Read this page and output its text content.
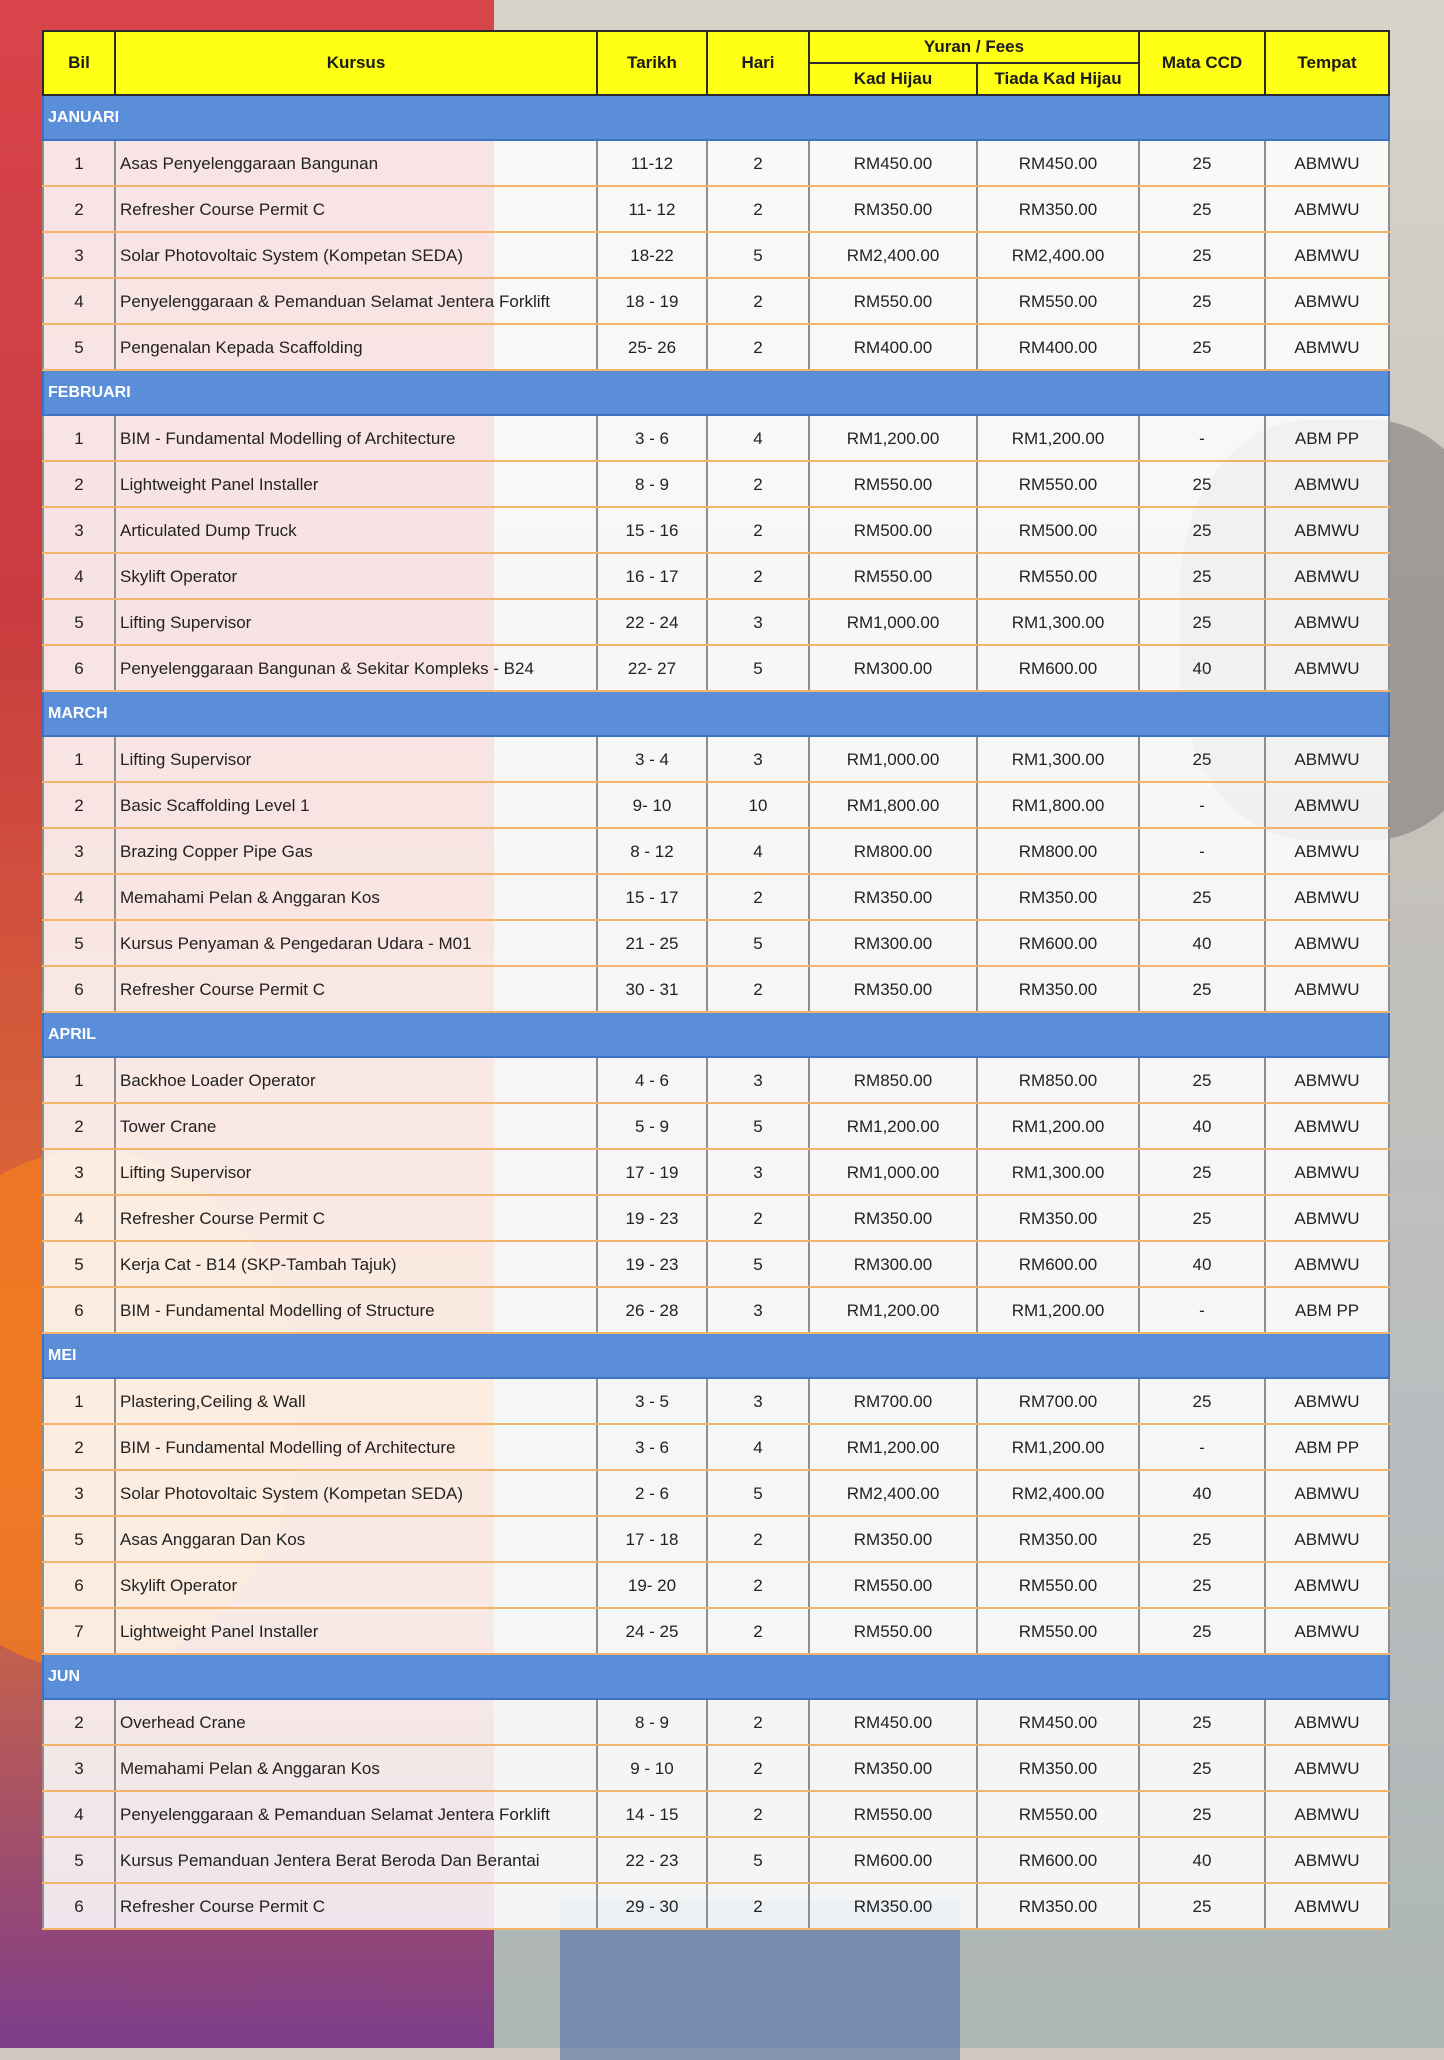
Bil	Kursus	Tarikh	Hari	Yuran / Fees		Mata CCD	Tempat
				Kad Hijau	Tiada Kad Hijau		
JANUARI							
1	Asas Penyelenggaraan Bangunan	11-12	2	RM450.00	RM450.00	25	ABMWU
2	Refresher Course Permit C	11- 12	2	RM350.00	RM350.00	25	ABMWU
3	Solar Photovoltaic System (Kompetan SEDA)	18-22	5	RM2,400.00	RM2,400.00	25	ABMWU
4	Penyelenggaraan & Pemanduan Selamat Jentera Forklift	18 - 19	2	RM550.00	RM550.00	25	ABMWU
5	Pengenalan Kepada Scaffolding	25- 26	2	RM400.00	RM400.00	25	ABMWU
FEBRUARI							
1	BIM - Fundamental Modelling of Architecture	3 - 6	4	RM1,200.00	RM1,200.00	-	ABM PP
2	Lightweight Panel Installer	8 - 9	2	RM550.00	RM550.00	25	ABMWU
3	Articulated Dump Truck	15 - 16	2	RM500.00	RM500.00	25	ABMWU
4	Skylift Operator	16 - 17	2	RM550.00	RM550.00	25	ABMWU
5	Lifting Supervisor	22 - 24	3	RM1,000.00	RM1,300.00	25	ABMWU
6	Penyelenggaraan Bangunan & Sekitar Kompleks - B24	22- 27	5	RM300.00	RM600.00	40	ABMWU
MARCH							
1	Lifting Supervisor	3 - 4	3	RM1,000.00	RM1,300.00	25	ABMWU
2	Basic Scaffolding Level 1	9- 10	10	RM1,800.00	RM1,800.00	-	ABMWU
3	Brazing Copper Pipe Gas	8 - 12	4	RM800.00	RM800.00	-	ABMWU
4	Memahami Pelan & Anggaran Kos	15 - 17	2	RM350.00	RM350.00	25	ABMWU
5	Kursus Penyaman & Pengedaran Udara - M01	21 - 25	5	RM300.00	RM600.00	40	ABMWU
6	Refresher Course Permit C	30 - 31	2	RM350.00	RM350.00	25	ABMWU
APRIL							
1	Backhoe Loader Operator	4 - 6	3	RM850.00	RM850.00	25	ABMWU
2	Tower Crane	5 - 9	5	RM1,200.00	RM1,200.00	40	ABMWU
3	Lifting Supervisor	17 - 19	3	RM1,000.00	RM1,300.00	25	ABMWU
4	Refresher Course Permit C	19 - 23	2	RM350.00	RM350.00	25	ABMWU
5	Kerja Cat - B14 (SKP-Tambah Tajuk)	19 - 23	5	RM300.00	RM600.00	40	ABMWU
6	BIM - Fundamental Modelling of Structure	26 - 28	3	RM1,200.00	RM1,200.00	-	ABM PP
MEI							
1	Plastering,Ceiling & Wall	3 - 5	3	RM700.00	RM700.00	25	ABMWU
2	BIM - Fundamental Modelling of Architecture	3 - 6	4	RM1,200.00	RM1,200.00	-	ABM PP
3	Solar Photovoltaic System (Kompetan SEDA)	2 - 6	5	RM2,400.00	RM2,400.00	40	ABMWU
5	Asas Anggaran Dan Kos	17 - 18	2	RM350.00	RM350.00	25	ABMWU
6	Skylift Operator	19- 20	2	RM550.00	RM550.00	25	ABMWU
7	Lightweight Panel Installer	24 - 25	2	RM550.00	RM550.00	25	ABMWU
JUN							
2	Overhead Crane	8 - 9	2	RM450.00	RM450.00	25	ABMWU
3	Memahami Pelan & Anggaran Kos	9 - 10	2	RM350.00	RM350.00	25	ABMWU
4	Penyelenggaraan & Pemanduan Selamat Jentera Forklift	14 - 15	2	RM550.00	RM550.00	25	ABMWU
5	Kursus Pemanduan Jentera Berat Beroda Dan Berantai	22 - 23	5	RM600.00	RM600.00	40	ABMWU
6	Refresher Course Permit C	29 - 30	2	RM350.00	RM350.00	25	ABMWU
